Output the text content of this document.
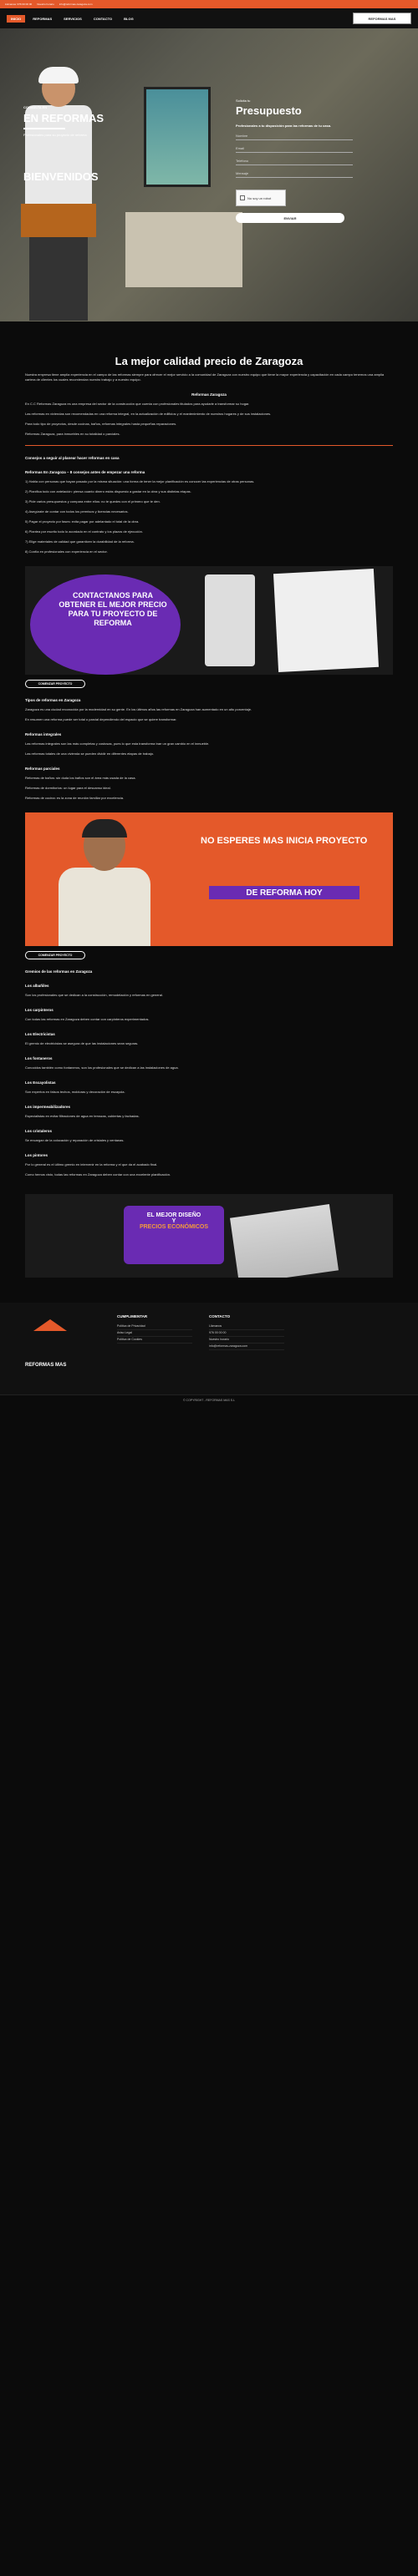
Llámanos: 976 00 00 00 Nuestro horario info@reformas-zaragoza.com
INICIO	REFORMAS	SERVICIOS	CONTACTO	BLOG	REFORMAS MAS
CONSULTA EN
EN REFORMAS
Profesionales para su proyecto de reforma
BIENVENIDOS
Solicita tu
Presupuesto
Profesionales a tu disposición para las reformas de tu casa.
Nombre
Email
Teléfono
Mensaje
No soy un robot
ENVIAR
La mejor calidad precio de Zaragoza
Nuestra empresa tiene amplia experiencia en el campo de las reformas siempre para ofrecer el mejor servicio a la comunidad de Zaragoza con nuestro equipo que tiene la mayor experiencia y capacitación en cada campo tenemos una amplia cartera de clientes los cuales recomiendan nuestro trabajo y a nuestro equipo.
Reformas Zaragoza
En C.C Reformas Zaragoza es una empresa del sector de la construcción que cuenta con profesionales titulados para ayudarle a transformar su hogar.
Las reformas en viviendas son recomendadas en una reforma integral, en la actualización de edificios y el mantenimiento de nuestros hogares y de sus instalaciones.
Para todo tipo de proyectos, desde cocinas, baños, reformas integrales hasta pequeñas reparaciones.
Reformas Zaragoza, para inmuebles en su totalidad o parciales.
Consejos a seguir al planear hacer reformas en casa
Reformas En Zaragoza – 8 consejos antes de empezar una reforma
1) Habla con personas que hayan pasado por la misma situación: una forma de tener la mejor planificación es conocer las experiencias de otras personas.
2) Planifica todo con antelación: piensa cuanto dinero estás dispuesto a gastar en la obra y sus distintas etapas.
3) Pide varios presupuestos y compara entre ellos: no te quedes con el primero que te den.
4) Asegúrate de contar con todos los permisos y licencias necesarios.
5) Pagar el proyecto por fases: evita pagar por adelantado el total de la obra.
6) Plantea por escrito todo lo acordado en el contrato y los plazos de ejecución.
7) Elige materiales de calidad que garanticen la durabilidad de la reforma.
8) Confía en profesionales con experiencia en el sector.
CONTACTANOS PARA OBTENER EL MEJOR PRECIO PARA TU PROYECTO DE REFORMA
COMENZAR PROYECTO
Tipos de reformas en Zaragoza
Zaragoza es una ciudad reconocida por la modernidad en su gente. En los últimos años las reformas en Zaragoza han aumentado en un alto porcentaje.
En resumen una reforma puede ser total o parcial dependiendo del espacio que se quiere transformar.
Reformas integrales
Las reformas integrales son las más completas y costosas, pues lo que esta transforma trae un gran cambio en el inmueble.
Las reformas totales de una vivienda se pueden dividir en diferentes etapas de trabajo.
Reformas parciales
Reformas de baños: sin duda los baños son el área más usada de la casa.
Reformas de dormitorios: un lugar para el descanso ideal.
Reformas de cocina: es la zona de reunión familiar por excelencia.
NO ESPERES MAS INICIA PROYECTO
DE REFORMA HOY
COMENZAR PROYECTO
Gremios de las reformas en Zaragoza
Los albañiles
Son los profesionales que se dedican a la construcción, remodelación y reformas en general.
Los carpinteros
Con todas las reformas en Zaragoza deben contar con carpinteros experimentados.
Los Electricistas
El gremio de electricistas se asegura de que las instalaciones sean seguras.
Los fontaneros
Conocidos también como fontaneros, son los profesionales que se dedican a las instalaciones de agua.
Los Escayolistas
Son expertos en falsos techos, molduras y decoración de escayola.
Los impermeabilizadores
Especialistas en evitar filtraciones de agua en terrazas, cubiertas y fachadas.
Los cristaleros
Se encargan de la colocación y reparación de cristales y ventanas.
Los pintores
Por lo general es el último gremio en intervenir en la reforma y el que da el acabado final.
Como hemos visto, todas las reformas en Zaragoza deben contar con una excelente planificación.
EL MEJOR DISEÑO
Y
PRECIOS ECONÓMICOS
REFORMAS MAS
CUMPLIMENTAR
Política de Privacidad
Aviso Legal
Política de Cookies
CONTACTO
Llámanos
976 00 00 00
Nuestro horario
info@reformas-zaragoza.com
© COPYRIGHT - REFORMAS MAS S.L
